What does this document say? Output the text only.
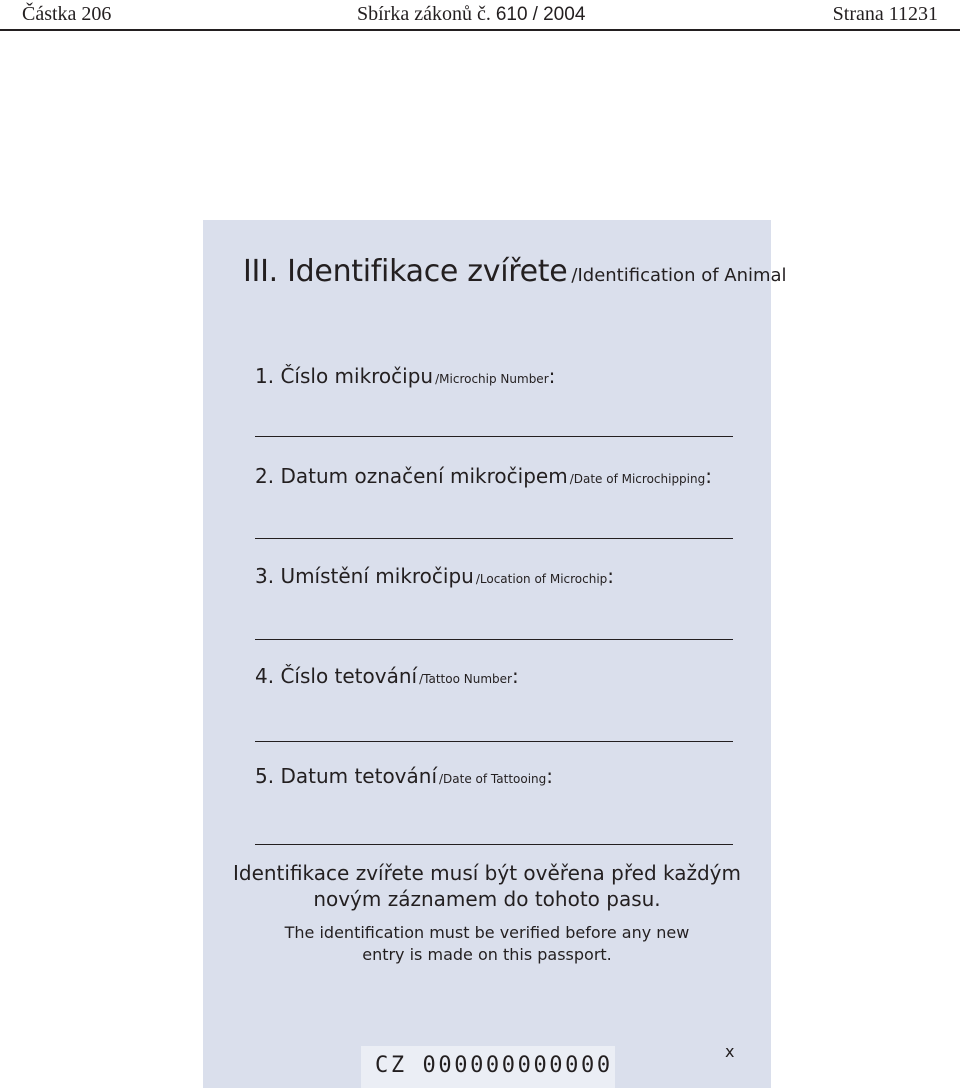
Částka 206	Sbírka zákonů č. 610 / 2004	Strana 11231
III. Identifikace zvířete /Identification of Animal
1. Číslo mikročipu /Microchip Number:
2. Datum označení mikročipem /Date of Microchipping:
3. Umístění mikročipu /Location of Microchip:
4. Číslo tetování /Tattoo Number:
5. Datum tetování /Date of Tattooing:
Identifikace zvířete musí být ověřena před každým
novým záznamem do tohoto pasu.
The identification must be verified before any new
entry is made on this passport.
CZ 000000000000
x
